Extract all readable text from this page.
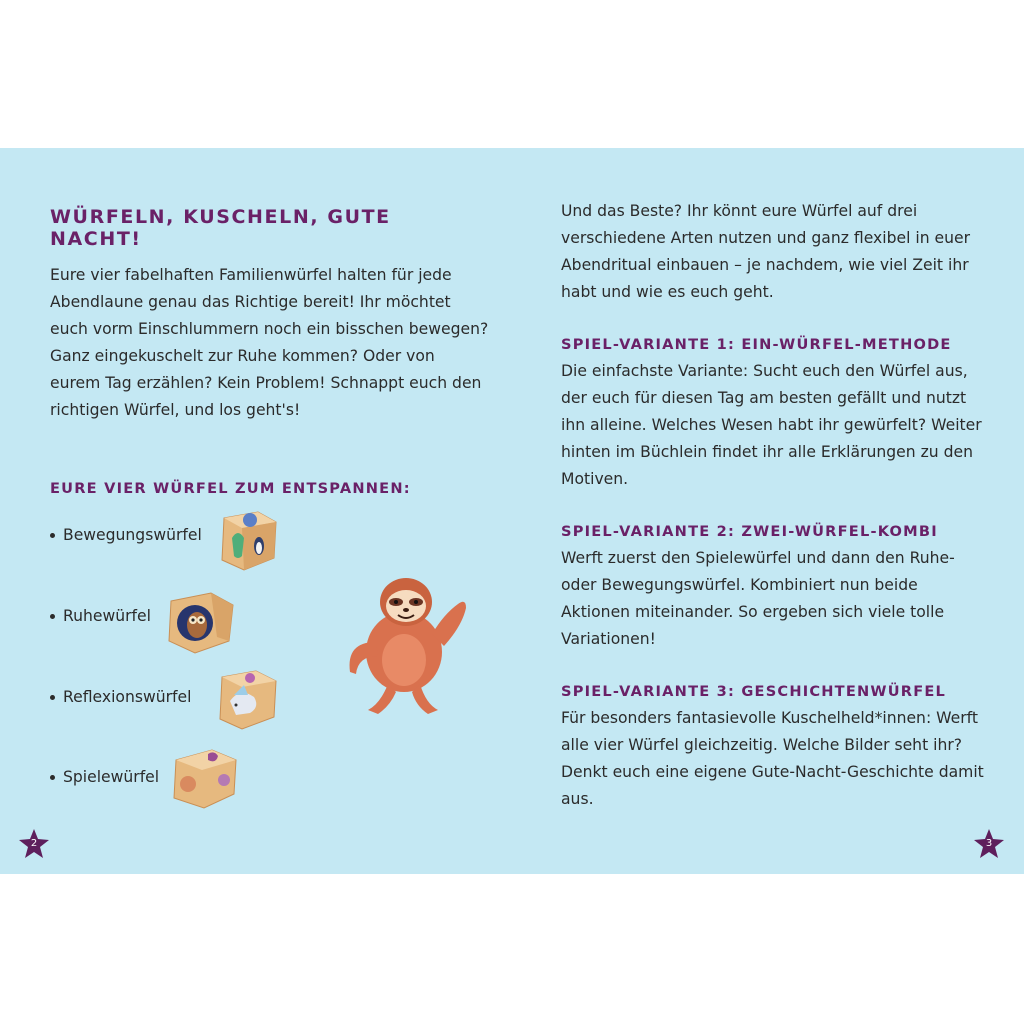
WÜRFELN, KUSCHELN, GUTE NACHT!

Eure vier fabelhaften Familienwürfel halten für jede Abendlaune genau das Richtige bereit! Ihr möchtet euch vorm Einschlummern noch ein bisschen bewegen? Ganz eingekuschelt zur Ruhe kommen? Oder von eurem Tag erzählen? Kein Problem! Schnappt euch den richtigen Würfel, und los geht's!

EURE VIER WÜRFEL ZUM ENTSPANNEN:
Bewegungswürfel
Ruhewürfel
Reflexionswürfel
Spielewürfel
2

Und das Beste? Ihr könnt eure Würfel auf drei verschiedene Arten nutzen und ganz flexibel in euer Abendritual einbauen – je nachdem, wie viel Zeit ihr habt und wie es euch geht.

SPIEL-VARIANTE 1: EIN-WÜRFEL-METHODE

Die einfachste Variante: Sucht euch den Würfel aus, der euch für diesen Tag am besten gefällt und nutzt ihn alleine. Welches Wesen habt ihr gewürfelt? Weiter hinten im Büchlein findet ihr alle Erklärungen zu den Motiven.

SPIEL-VARIANTE 2: ZWEI-WÜRFEL-KOMBI

Werft zuerst den Spielewürfel und dann den Ruhe- oder Bewegungswürfel. Kombiniert nun beide Aktionen miteinander. So ergeben sich viele tolle Variationen!

SPIEL-VARIANTE 3: GESCHICHTENWÜRFEL

Für besonders fantasievolle Kuschelheld*innen: Werft alle vier Würfel gleichzeitig. Welche Bilder seht ihr? Denkt euch eine eigene Gute-Nacht-Geschichte damit aus.

3
